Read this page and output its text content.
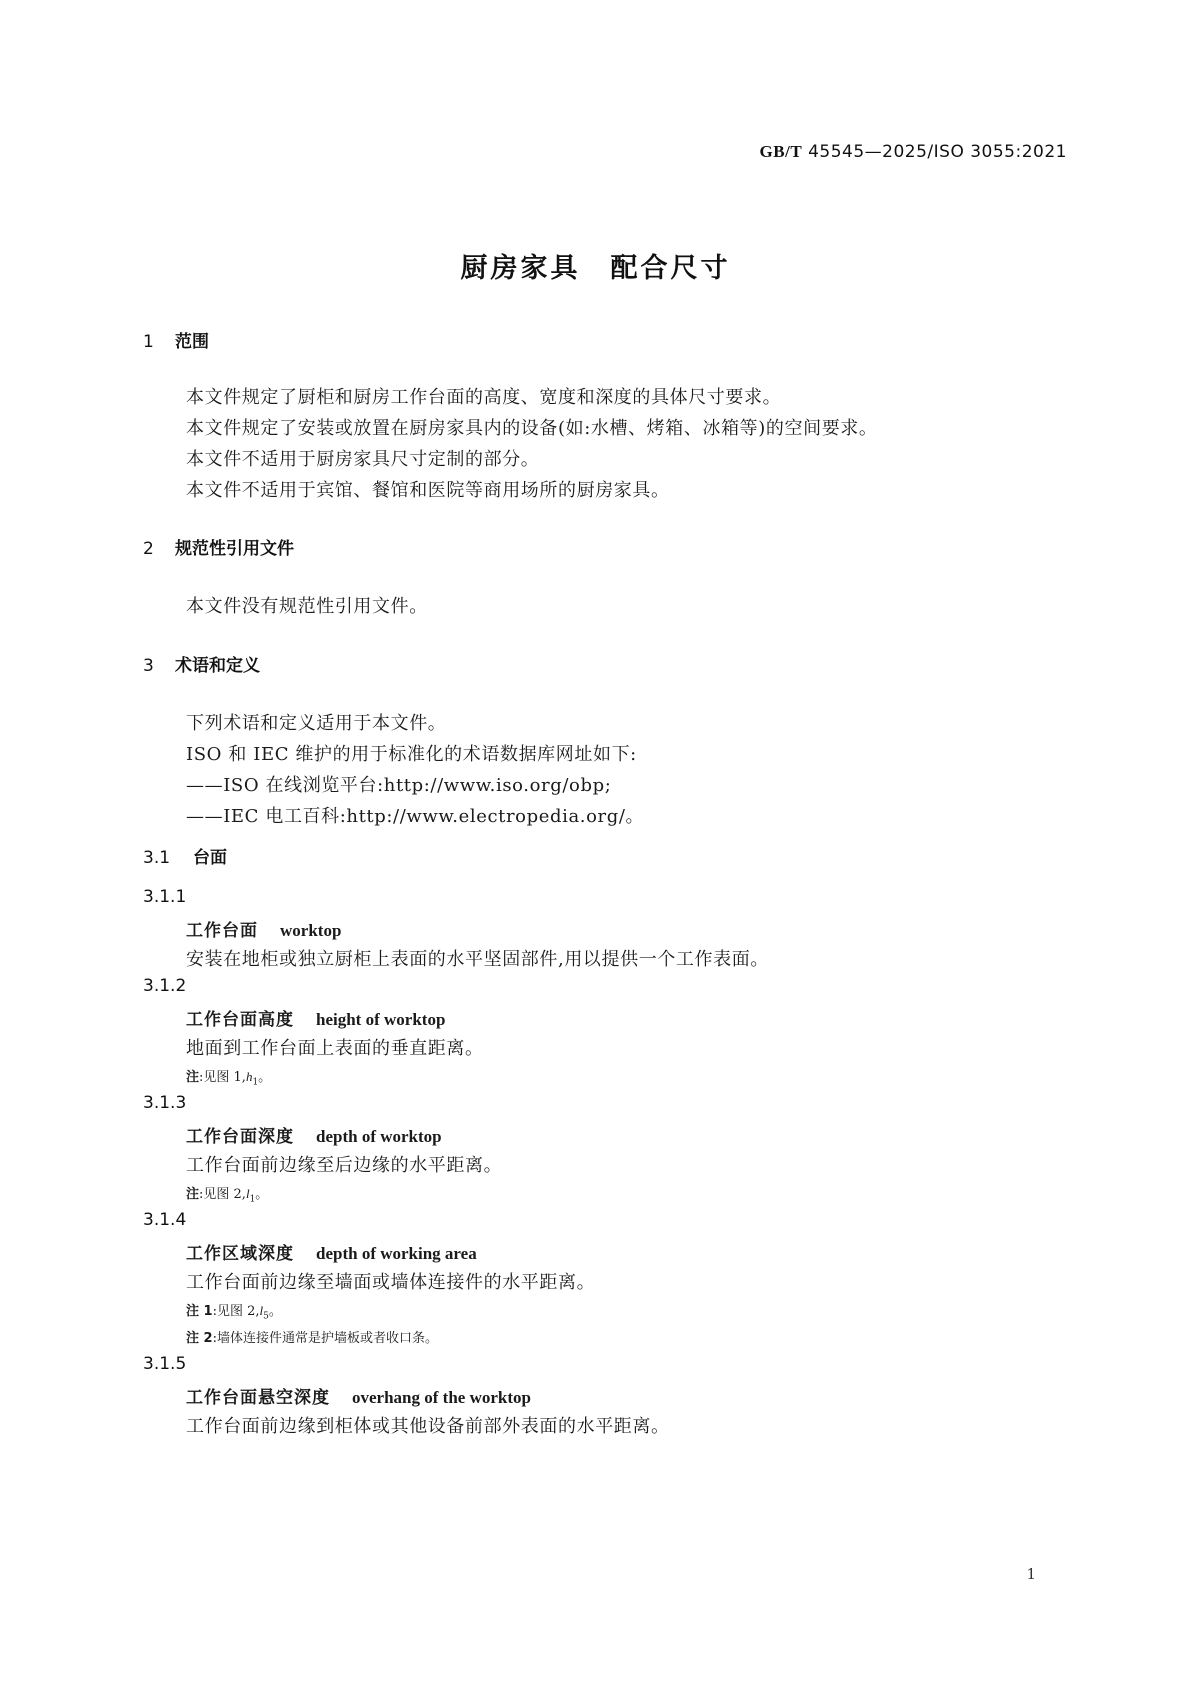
GB/T 45545—2025/ISO 3055:2021
厨房家具　配合尺寸
1 范围
本文件规定了厨柜和厨房工作台面的高度、宽度和深度的具体尺寸要求。
本文件规定了安装或放置在厨房家具内的设备(如:水槽、烤箱、冰箱等)的空间要求。
本文件不适用于厨房家具尺寸定制的部分。
本文件不适用于宾馆、餐馆和医院等商用场所的厨房家具。
2 规范性引用文件
本文件没有规范性引用文件。
3 术语和定义
下列术语和定义适用于本文件。
ISO 和 IEC 维护的用于标准化的术语数据库网址如下:
——ISO 在线浏览平台:http://www.iso.org/obp;
——IEC 电工百科:http://www.electropedia.org/。
3.1 台面
3.1.1
工作台面 worktop
安装在地柜或独立厨柜上表面的水平坚固部件,用以提供一个工作表面。
3.1.2
工作台面高度 height of worktop
地面到工作台面上表面的垂直距离。
注:见图 $1,h_1$。
3.1.3
工作台面深度 depth of worktop
工作台面前边缘至后边缘的水平距离。
注:见图 $2,l_1$。
3.1.4
工作区域深度 depth of working area
工作台面前边缘至墙面或墙体连接件的水平距离。
注 1:见图 $2,l_5$。
注 2:墙体连接件通常是护墙板或者收口条。
3.1.5
工作台面悬空深度 overhang of the worktop
工作台面前边缘到柜体或其他设备前部外表面的水平距离。
1
